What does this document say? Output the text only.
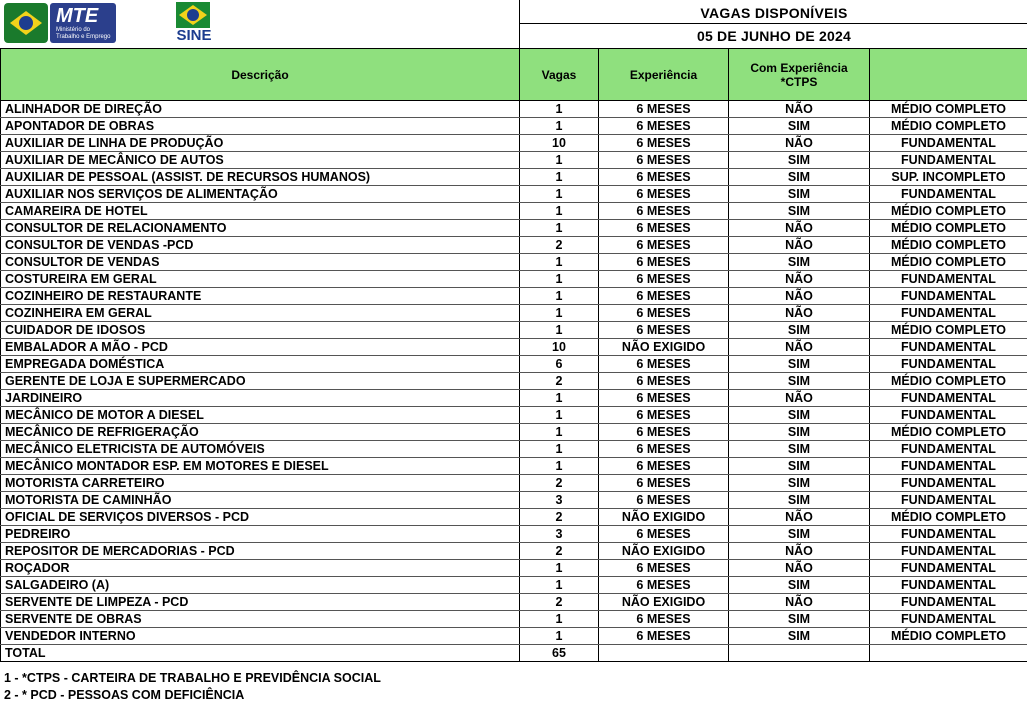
MTE
Ministério do Trabalho e Emprego	SINE
VAGAS DISPONÍVEIS
05 DE JUNHO DE 2024
Descrição	Vagas	Experiência	Com Experiência *CTPS	
ALINHADOR DE DIREÇÃO	1	6 MESES	NÃO	MÉDIO COMPLETO
APONTADOR DE OBRAS	1	6 MESES	SIM	MÉDIO COMPLETO
AUXILIAR DE LINHA DE PRODUÇÃO	10	6 MESES	NÃO	FUNDAMENTAL
AUXILIAR DE MECÂNICO DE AUTOS	1	6 MESES	SIM	FUNDAMENTAL
AUXILIAR DE PESSOAL (ASSIST. DE RECURSOS HUMANOS)	1	6 MESES	SIM	SUP. INCOMPLETO
AUXILIAR NOS SERVIÇOS DE ALIMENTAÇÃO	1	6 MESES	SIM	FUNDAMENTAL
CAMAREIRA DE HOTEL	1	6 MESES	SIM	MÉDIO COMPLETO
CONSULTOR DE RELACIONAMENTO	1	6 MESES	NÃO	MÉDIO COMPLETO
CONSULTOR DE VENDAS -PCD	2	6 MESES	NÃO	MÉDIO COMPLETO
CONSULTOR DE VENDAS	1	6 MESES	SIM	MÉDIO COMPLETO
COSTUREIRA EM GERAL	1	6 MESES	NÃO	FUNDAMENTAL
COZINHEIRO DE RESTAURANTE	1	6 MESES	NÃO	FUNDAMENTAL
COZINHEIRA EM GERAL	1	6 MESES	NÃO	FUNDAMENTAL
CUIDADOR DE IDOSOS	1	6 MESES	SIM	MÉDIO COMPLETO
EMBALADOR A MÃO - PCD	10	NÃO EXIGIDO	NÃO	FUNDAMENTAL
EMPREGADA DOMÉSTICA	6	6 MESES	SIM	FUNDAMENTAL
GERENTE DE LOJA E SUPERMERCADO	2	6 MESES	SIM	MÉDIO COMPLETO
JARDINEIRO	1	6 MESES	NÃO	FUNDAMENTAL
MECÂNICO DE MOTOR A DIESEL	1	6 MESES	SIM	FUNDAMENTAL
MECÂNICO DE REFRIGERAÇÃO	1	6 MESES	SIM	MÉDIO COMPLETO
MECÂNICO ELETRICISTA DE AUTOMÓVEIS	1	6 MESES	SIM	FUNDAMENTAL
MECÂNICO MONTADOR ESP. EM MOTORES E DIESEL	1	6 MESES	SIM	FUNDAMENTAL
MOTORISTA CARRETEIRO	2	6 MESES	SIM	FUNDAMENTAL
MOTORISTA DE CAMINHÃO	3	6 MESES	SIM	FUNDAMENTAL
OFICIAL DE SERVIÇOS DIVERSOS - PCD	2	NÃO EXIGIDO	NÃO	MÉDIO COMPLETO
PEDREIRO	3	6 MESES	SIM	FUNDAMENTAL
REPOSITOR DE MERCADORIAS - PCD	2	NÃO EXIGIDO	NÃO	FUNDAMENTAL
ROÇADOR	1	6 MESES	NÃO	FUNDAMENTAL
SALGADEIRO (A)	1	6 MESES	SIM	FUNDAMENTAL
SERVENTE DE LIMPEZA - PCD	2	NÃO EXIGIDO	NÃO	FUNDAMENTAL
SERVENTE DE OBRAS	1	6 MESES	SIM	FUNDAMENTAL
VENDEDOR INTERNO	1	6 MESES	SIM	MÉDIO COMPLETO
TOTAL	65			
1 - *CTPS - CARTEIRA DE TRABALHO E PREVIDÊNCIA SOCIAL
2 - * PCD - PESSOAS COM DEFICIÊNCIA
